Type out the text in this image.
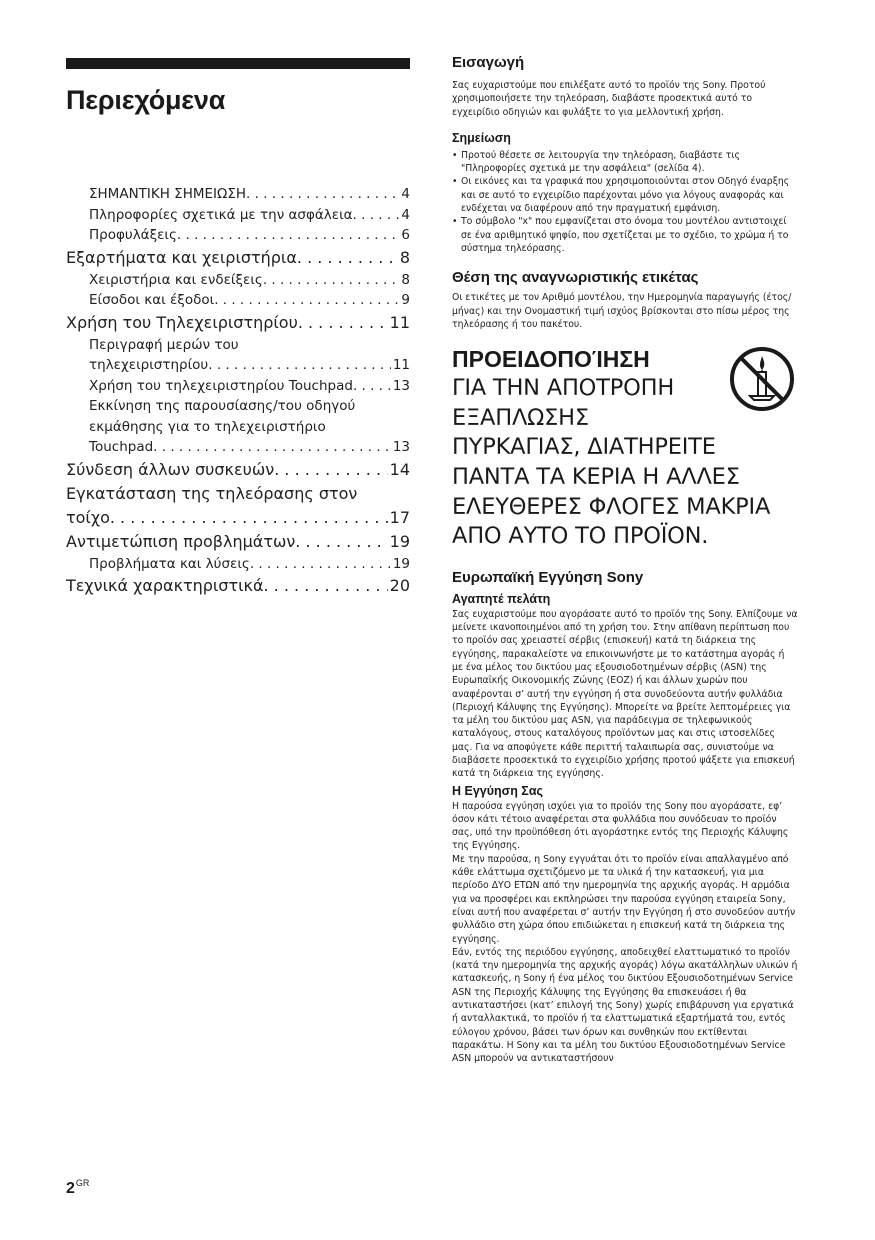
Περιεχόμενα
ΣΗΜΑΝΤΙΚΗ ΣΗΜΕΙΩΣΗ . . .	4
Πληροφορίες σχετικά με την ασφάλεια . . .	4
Προφυλάξεις . . .	6
Εξαρτήματα και χειριστήρια . . .	8
Χειριστήρια και ενδείξεις . . .	8
Είσοδοι και έξοδοι . . .	9
Χρήση του Τηλεχειριστηρίου . . .	11
Περιγραφή μερών του
τηλεχειριστηρίου . . .	11
Χρήση του τηλεχειριστηρίου Touchpad . . .	13
Εκκίνηση της παρουσίασης/του οδηγού εκμάθησης για το τηλεχειριστήριο
Touchpad . . .	13
Σύνδεση άλλων συσκευών . . .	14
Εγκατάσταση της τηλεόρασης στον
τοίχο . . .	17
Αντιμετώπιση προβλημάτων . . .	19
Προβλήματα και λύσεις . . .	19
Τεχνικά χαρακτηριστικά . . .	20
$2^{GR}$
Εισαγωγή

Σας ευχαριστούμε που επιλέξατε αυτό το προϊόν της Sony. Προτού χρησιμοποιήσετε την τηλεόραση, διαβάστε προσεκτικά αυτό το εγχειρίδιο οδηγιών και φυλάξτε το για μελλοντική χρήση.

Σημείωση
• Προτού θέσετε σε λειτουργία την τηλεόραση, διαβάστε τις "Πληροφορίες σχετικά με την ασφάλεια" (σελίδα 4).
• Οι εικόνες και τα γραφικά που χρησιμοποιούνται στον Οδηγό έναρξης και σε αυτό το εγχειρίδιο παρέχονται μόνο για λόγους αναφοράς και ενδέχεται να διαφέρουν από την πραγματική εμφάνιση.
• Το σύμβολο "x" που εμφανίζεται στο όνομα του μοντέλου αντιστοιχεί σε ένα αριθμητικό ψηφίο, που σχετίζεται με το σχέδιο, το χρώμα ή το σύστημα τηλεόρασης.
Θέση της αναγνωριστικής ετικέτας

Οι ετικέτες με τον Αριθμό μοντέλου, την Ημερομηνία παραγωγής (έτος/μήνας) και την Ονομαστική τιμή ισχύος βρίσκονται στο πίσω μέρος της τηλεόρασης ή του πακέτου.

ΠΡΟΕΙΔΟΠΟΊΗΣΗ

ΓΙΑ ΤΗΝ ΑΠΟΤΡΟΠΗ

ΕΞΑΠΛΩΣΗΣ

ΠΥΡΚΑΓΙΑΣ, ΔΙΑΤΗΡΕΙΤΕ

ΠΑΝΤΑ ΤΑ ΚΕΡΙΑ Η ΑΛΛΕΣ

ΕΛΕΥΘΕΡΕΣ ΦΛΟΓΕΣ ΜΑΚΡΙΑ

ΑΠΟ ΑΥΤΟ ΤΟ ΠΡΟΪΟΝ.

Ευρωπαϊκή Εγγύηση Sony
Αγαπητέ πελάτη

Σας ευχαριστούμε που αγοράσατε αυτό το προϊόν της Sony. Ελπίζουμε να μείνετε ικανοποιημένοι από τη χρήση του. Στην απίθανη περίπτωση που το προϊόν σας χρειαστεί σέρβις (επισκευή) κατά τη διάρκεια της εγγύησης, παρακαλείστε να επικοινωνήστε με το κατάστημα αγοράς ή με ένα μέλος του δικτύου μας εξουσιοδοτημένων σέρβις (ASN) της Ευρωπαϊκής Οικονομικής Ζώνης (ΕΟΖ) ή και άλλων χωρών που αναφέρονται σ’ αυτή την εγγύηση ή στα συνοδεύοντα αυτήν φυλλάδια (Περιοχή Κάλυψης της Εγγύησης). Μπορείτε να βρείτε λεπτομέρειες για τα μέλη του δικτύου μας ASN, για παράδειγμα σε τηλεφωνικούς καταλόγους, στους καταλόγους προϊόντων μας και στις ιστοσελίδες μας. Για να αποφύγετε κάθε περιττή ταλαιπωρία σας, συνιστούμε να διαβάσετε προσεκτικά το εγχειρίδιο χρήσης προτού ψάξετε για επισκευή κατά τη διάρκεια της εγγύησης.

Η Εγγύηση Σας

Η παρούσα εγγύηση ισχύει για το προϊόν της Sony που αγοράσατε, εφ’ όσον κάτι τέτοιο αναφέρεται στα φυλλάδια που συνόδευαν το προϊόν σας, υπό την προϋπόθεση ότι αγοράστηκε εντός της Περιοχής Κάλυψης της Εγγύησης.

Με την παρούσα, η Sony εγγυάται ότι το προϊόν είναι απαλλαγμένο από κάθε ελάττωμα σχετιζόμενο με τα υλικά ή την κατασκευή, για μια περίοδο ΔΥΟ ΕΤΩΝ από την ημερομηνία της αρχικής αγοράς. Η αρμόδια για να προσφέρει και εκπληρώσει την παρούσα εγγύηση εταιρεία Sony, είναι αυτή που αναφέρεται σ’ αυτήν την Εγγύηση ή στο συνοδεύον αυτήν φυλλάδιο στη χώρα όπου επιδιώκεται η επισκευή κατά τη διάρκεια της εγγύησης.

Εάν, εντός της περιόδου εγγύησης, αποδειχθεί ελαττωματικό το προϊόν (κατά την ημερομηνία της αρχικής αγοράς) λόγω ακατάλληλων υλικών ή κατασκευής, η Sony ή ένα μέλος του δικτύου Εξουσιοδοτημένων Service ASN της Περιοχής Κάλυψης της Εγγύησης θα επισκευάσει ή θα αντικαταστήσει (κατ’ επιλογή της Sony) χωρίς επιβάρυνση για εργατικά ή ανταλλακτικά, το προϊόν ή τα ελαττωματικά εξαρτήματά του, εντός εύλογου χρόνου, βάσει των όρων και συνθηκών που εκτίθενται παρακάτω. Η Sony και τα μέλη του δικτύου Εξουσιοδοτημένων Service ASN μπορούν να αντικαταστήσουν
